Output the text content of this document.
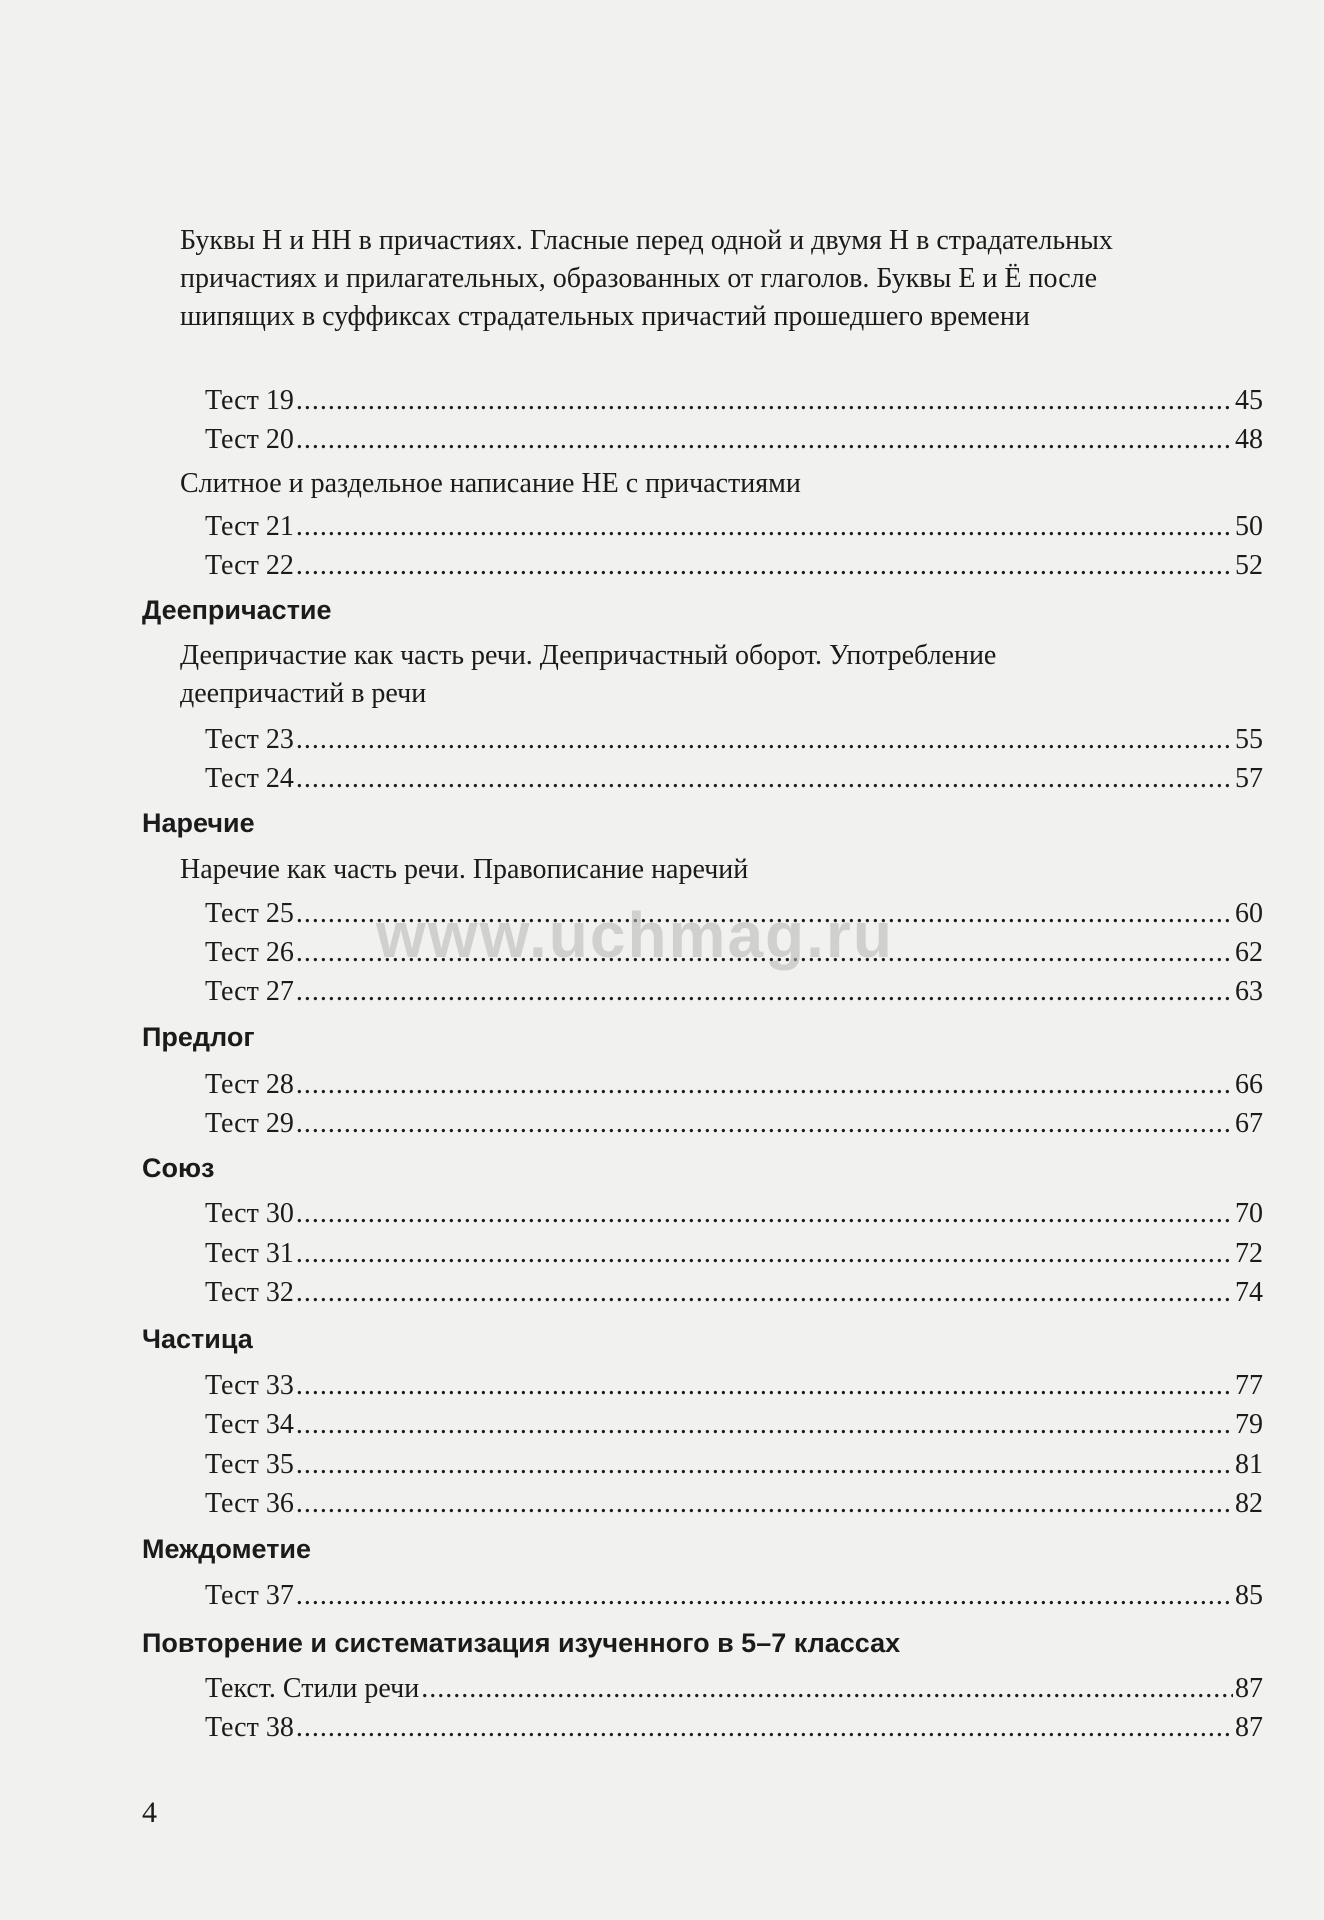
Буквы Н и НН в причастиях. Гласные перед одной и двумя Н в страдательных причастиях и прилагательных, образованных от глаголов. Буквы Е и Ё после шипящих в суффиксах страдательных причастий прошедшего времени
Тест 19 .....	45
Тест 20 .....	48
Слитное и раздельное написание НЕ с причастиями
Тест 21 .....	50
Тест 22 .....	52
Деепричастие
Деепричастие как часть речи. Деепричастный оборот. Употребление деепричастий в речи
Тест 23 .....	55
Тест 24 .....	57
Наречие
Наречие как часть речи. Правописание наречий
Тест 25 .....	60
Тест 26 .....	62
Тест 27 .....	63
Предлог
Тест 28 .....	66
Тест 29 .....	67
Союз
Тест 30 .....	70
Тест 31 .....	72
Тест 32 .....	74
Частица
Тест 33 .....	77
Тест 34 .....	79
Тест 35 .....	81
Тест 36 .....	82
Междометие
Тест 37 .....	85
Повторение и систематизация изученного в 5–7 классах
Текст. Стили речи .....	87
Тест 38 .....	87
4
www.uchmag.ru
